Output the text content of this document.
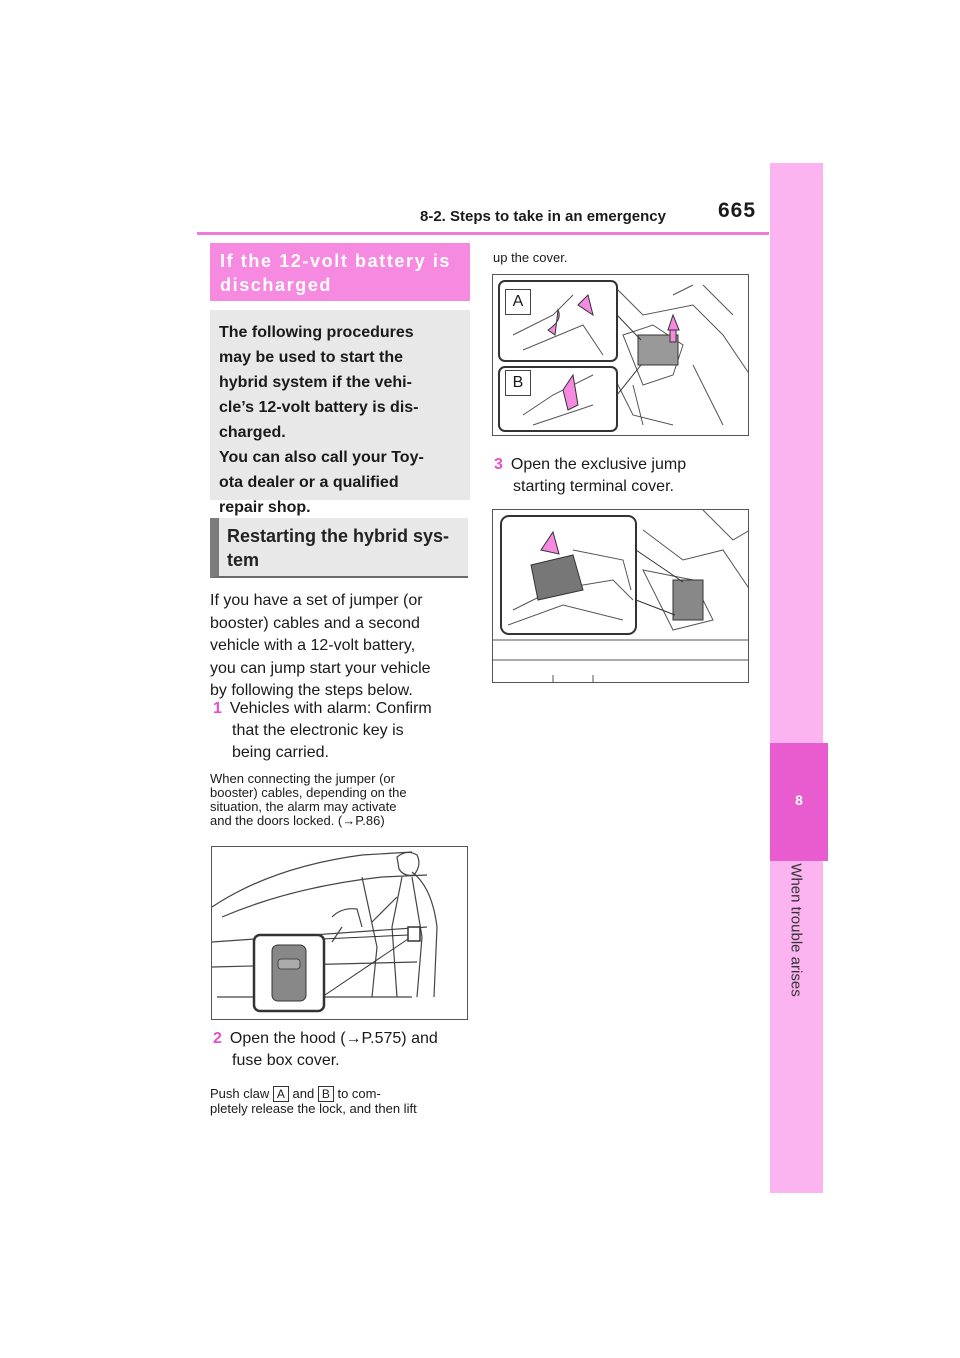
8-2. Steps to take in an emergency 665
8
When trouble arises
If the 12-volt battery is
discharged
The following procedures
may be used to start the
hybrid system if the vehi-
cle’s 12-volt battery is dis-
charged.
You can also call your Toy-
ota dealer or a qualified
repair shop.
Restarting the hybrid sys-
tem
If you have a set of jumper (or
booster) cables and a second
vehicle with a 12-volt battery,
you can jump start your vehicle
by following the steps below.
1 Vehicles with alarm: Confirm
that the electronic key is
being carried.
When connecting the jumper (or
booster) cables, depending on the
situation, the alarm may activate
and the doors locked. (→P.86)
2 Open the hood (→P.575) and
fuse box cover.
Push claw A and B to com-
pletely release the lock, and then lift
up the cover.
A
B
3 Open the exclusive jump
starting terminal cover.
